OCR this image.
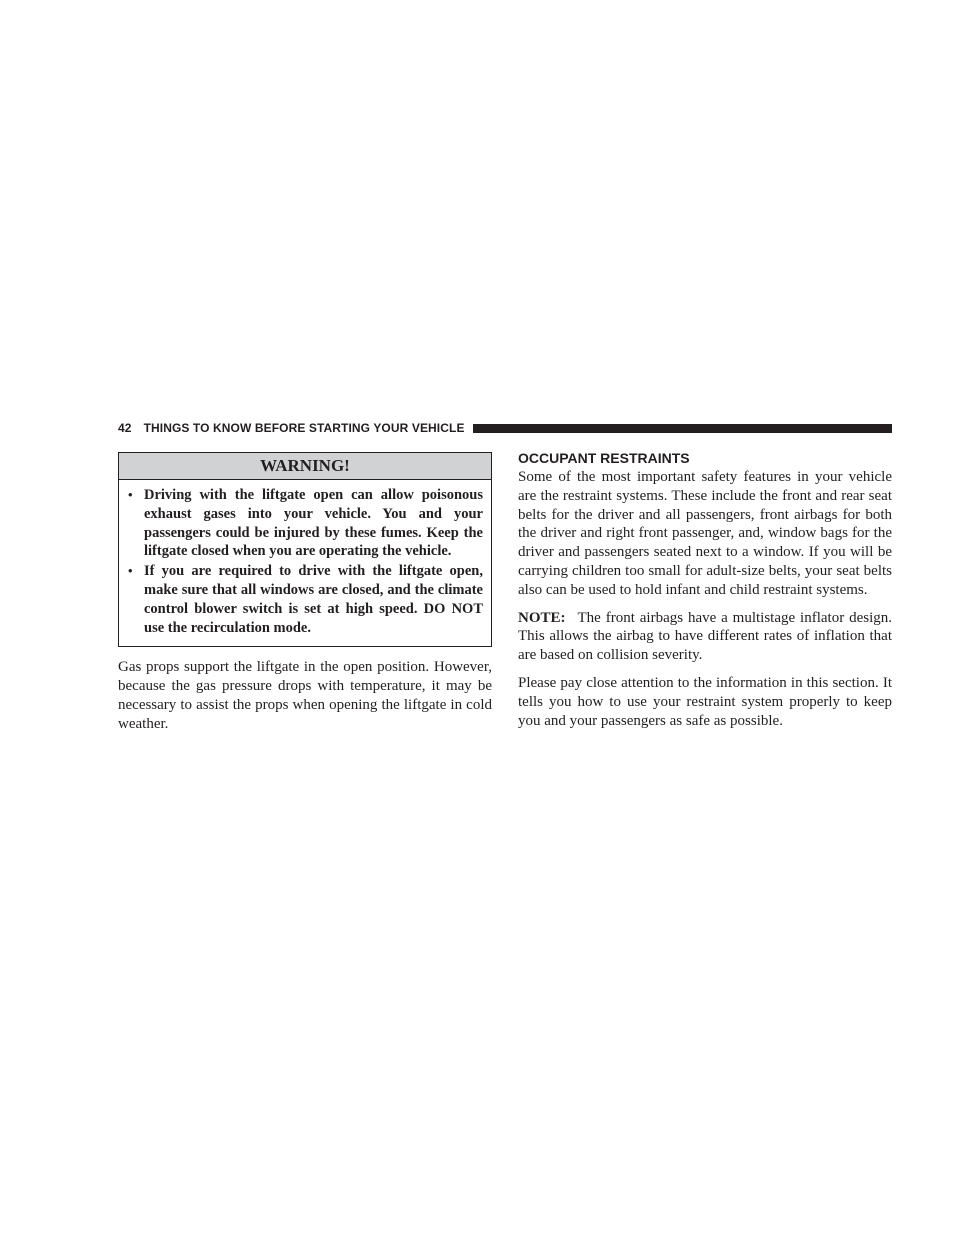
42 THINGS TO KNOW BEFORE STARTING YOUR VEHICLE
WARNING!
• Driving with the liftgate open can allow poisonous exhaust gases into your vehicle. You and your passengers could be injured by these fumes. Keep the liftgate closed when you are operating the vehicle.
• If you are required to drive with the liftgate open, make sure that all windows are closed, and the climate control blower switch is set at high speed. DO NOT use the recirculation mode.

Gas props support the liftgate in the open position. However, because the gas pressure drops with temperature, it may be necessary to assist the props when opening the liftgate in cold weather.

OCCUPANT RESTRAINTS

Some of the most important safety features in your vehicle are the restraint systems. These include the front and rear seat belts for the driver and all passengers, front airbags for both the driver and right front passenger, and, window bags for the driver and passengers seated next to a window. If you will be carrying children too small for adult-size belts, your seat belts also can be used to hold infant and child restraint systems.

NOTE: The front airbags have a multistage inflator design. This allows the airbag to have different rates of inflation that are based on collision severity.

Please pay close attention to the information in this section. It tells you how to use your restraint system properly to keep you and your passengers as safe as possible.
